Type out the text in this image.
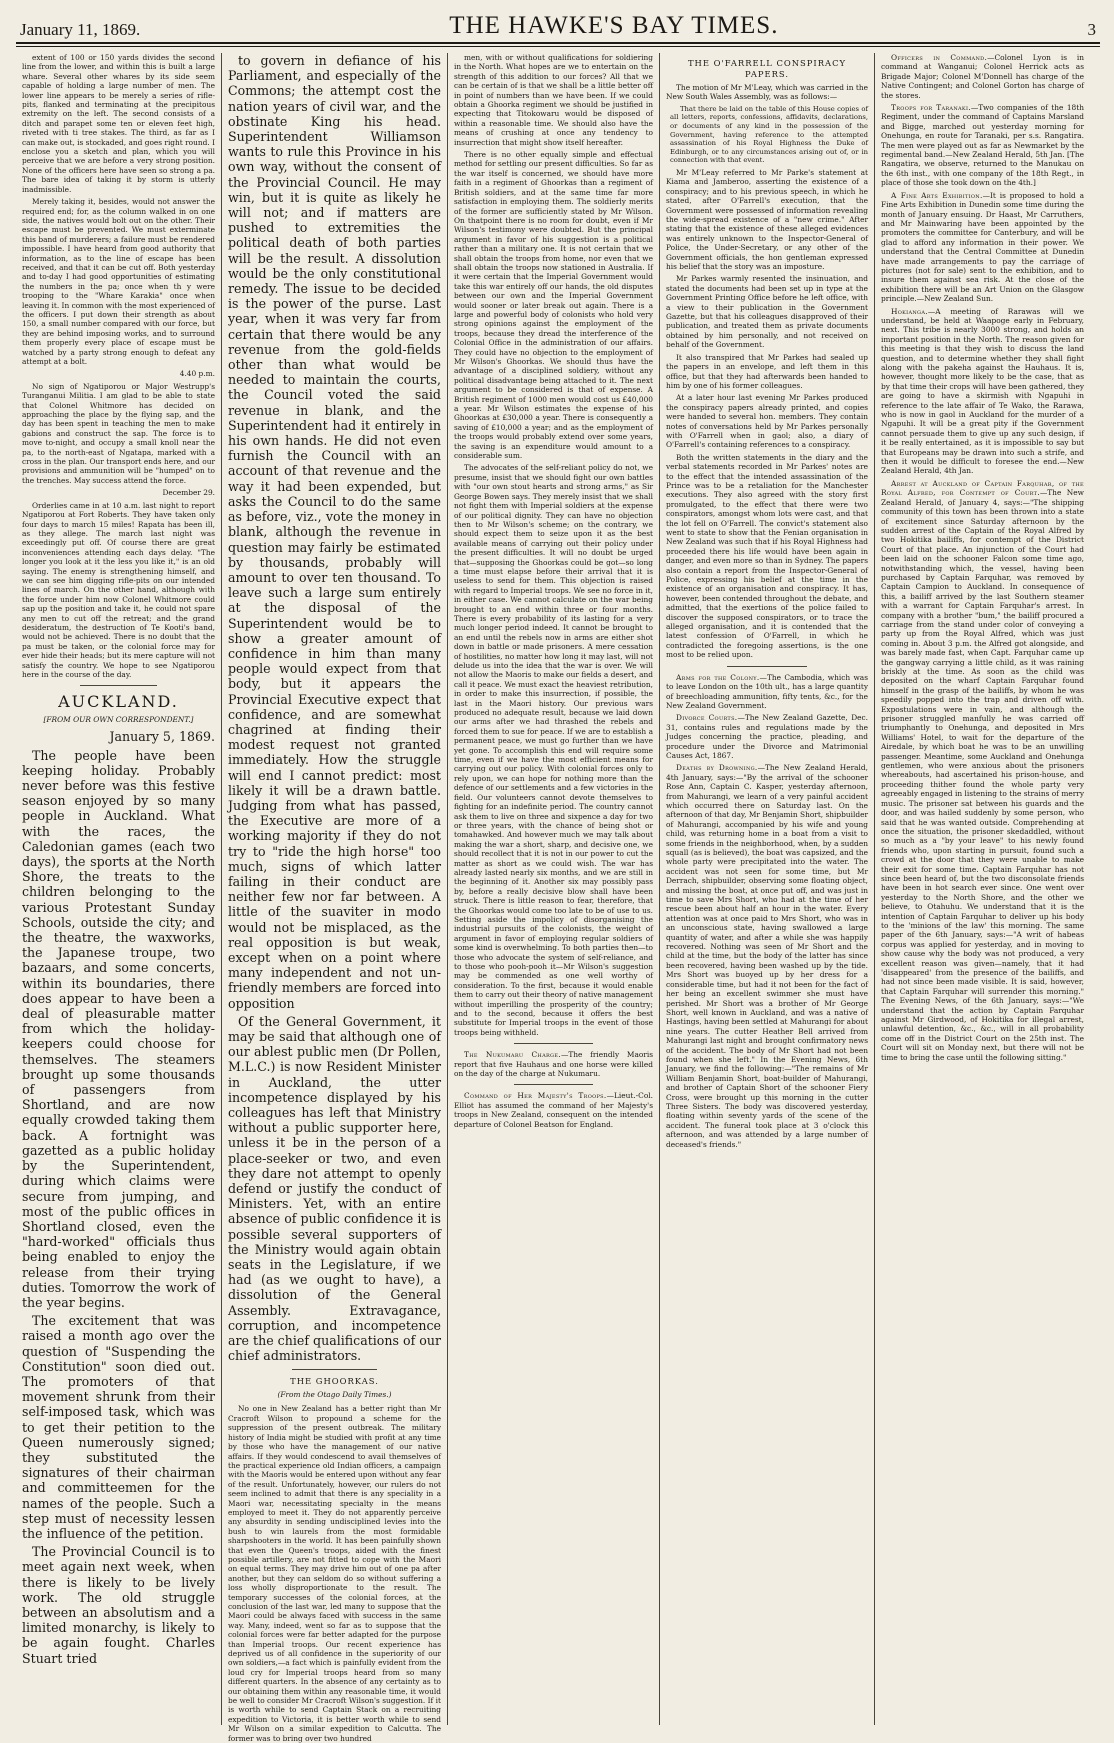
January 11, 1869.	THE HAWKE'S BAY TIMES.	3

extent of 100 or 150 yards divides the second line from the lower, and within this is built a large whare. Several other whares by its side seem capable of holding a large number of men. The lower line appears to be merely a series of rifle-pits, flanked and terminating at the precipitous extremity on the left. The second consists of a ditch and parapet some ten or eleven feet high, riveted with ti tree stakes. The third, as far as I can make out, is stockaded, and goes right round. I enclose you a sketch and plan, which you will perceive that we are before a very strong position. None of the officers here have seen so strong a pa. The bare idea of taking it by storm is utterly inadmissible.

Merely taking it, besides, would not answer the required end; for, as the column walked in on one side, the natives would bolt out on the other. Their escape must be prevented. We must exterminate this band of murderers; a failure must be rendered impossible. I have heard from good authority that information, as to the line of escape has been received, and that it can be cut off. Both yesterday and to-day I had good opportunities of estimating the numbers in the pa; once when th y were trooping to the "Whare Karakia" once when leaving it. In common with the most experienced of the officers. I put down their strength as about 150, a small number compared with our force, but they are behind imposing works, and to surround them properly every place of escape must be watched by a party strong enough to defeat any attempt at a bolt.

4.40 p.m.

No sign of Ngatiporou or Major Westrupp's Turanganui Militia. I am glad to be able to state that Colonel Whitmore has decided on approaching the place by the flying sap, and the day has been spent in teaching the men to make gabions and construct the sap. The force is to move to-night, and occupy a small knoll near the pa, to the north-east of Ngatapa, marked with a cross in the plan. Our transport ends here, and our provisions and ammunition will be "humped" on to the trenches. May success attend the force.

December 29.

Orderlies came in at 10 a.m. last night to report Ngatiporou at Fort Roberts. They have taken only four days to march 15 miles! Rapata has been ill, as they allege. The march last night was exceedingly put off. Of course there are great inconveniences attending each days delay. "The longer you look at it the less you like it," is an old saying. The enemy is strengthening himself, and we can see him digging rifle-pits on our intended lines of march. On the other hand, although with the force under him now Colonel Whitmore could sap up the position and take it, he could not spare any men to cut off the retreat; and the grand desideratum, the destruction of Te Kooti's band, would not be achieved. There is no doubt that the pa must be taken, or the colonial force may for ever hide their heads; but its mere capture will not satisfy the country. We hope to see Ngatiporou here in the course of the day.

AUCKLAND.

[FROM OUR OWN CORRESPONDENT.]

January 5, 1869.

The people have been keeping holiday. Probably never before was this festive season enjoyed by so many people in Auckland. What with the races, the Caledonian games (each two days), the sports at the North Shore, the treats to the children belonging to the various Protestant Sunday Schools, outside the city; and the theatre, the waxworks, the Japanese troupe, two bazaars, and some concerts, within its boundaries, there does appear to have been a deal of pleasurable matter from which the holiday-keepers could choose for themselves. The steamers brought up some thousands of passengers from Shortland, and are now equally crowded taking them back. A fortnight was gazetted as a public holiday by the Superintendent, during which claims were secure from jumping, and most of the public offices in Shortland closed, even the "hard-worked" officials thus being enabled to enjoy the release from their trying duties. Tomorrow the work of the year begins.

The excitement that was raised a month ago over the question of "Suspending the Constitution" soon died out. The promoters of that movement shrunk from their self-imposed task, which was to get their petition to the Queen numerously signed; they substituted the signatures of their chairman and committeemen for the names of the people. Such a step must of necessity lessen the influence of the petition.

The Provincial Council is to meet again next week, when there is likely to be lively work. The old struggle between an absolutism and a limited monarchy, is likely to be again fought. Charles Stuart tried

to govern in defiance of his Parliament, and especially of the Commons; the attempt cost the nation years of civil war, and the obstinate King his head. Superintendent Williamson wants to rule this Province in his own way, without the consent of the Provincial Council. He may win, but it is quite as likely he will not; and if matters are pushed to extremities the political death of both parties will be the result. A dissolution would be the only constitutional remedy. The issue to be decided is the power of the purse. Last year, when it was very far from certain that there would be any revenue from the gold-fields other than what would be needed to maintain the courts, the Council voted the said revenue in blank, and the Superintendent had it entirely in his own hands. He did not even furnish the Council with an account of that revenue and the way it had been expended, but asks the Council to do the same as before, viz., vote the money in blank, although the revenue in question may fairly be estimated by thousands, probably will amount to over ten thousand. To leave such a large sum entirely at the disposal of the Superintendent would be to show a greater amount of confidence in him than many people would expect from that body, but it appears the Provincial Executive expect that confidence, and are somewhat chagrined at finding their modest request not granted immediately. How the struggle will end I cannot predict: most likely it will be a drawn battle. Judging from what has passed, the Executive are more of a working majority if they do not try to "ride the high horse" too much, signs of which latter failing in their conduct are neither few nor far between. A little of the suaviter in modo would not be misplaced, as the real opposition is but weak, except when on a point where many independent and not un-friendly members are forced into opposition

Of the General Government, it may be said that although one of our ablest public men (Dr Pollen, M.L.C.) is now Resident Minister in Auckland, the utter incompetence displayed by his colleagues has left that Ministry without a public supporter here, unless it be in the person of a place-seeker or two, and even they dare not attempt to openly defend or justify the conduct of Ministers. Yet, with an entire absence of public confidence it is possible several supporters of the Ministry would again obtain seats in the Legislature, if we had (as we ought to have), a dissolution of the General Assembly. Extravagance, corruption, and incompetence are the chief qualifications of our chief administrators.

THE GHOORKAS.

(From the Otago Daily Times.)

No one in New Zealand has a better right than Mr Cracroft Wilson to propound a scheme for the suppression of the present outbreak. The military history of India might be studied with profit at any time by those who have the management of our native affairs. If they would condescend to avail themselves of the practical experience old Indian officers, a campaign with the Maoris would be entered upon without any fear of the result. Unfortunately, however, our rulers do not seem inclined to admit that there is any speciality in a Maori war, necessitating specialty in the means employed to meet it. They do not apparently perceive any absurdity in sending undisciplined levies into the bush to win laurels from the most formidable sharpshooters in the world. It has been painfully shown that even the Queen's troops, aided with the finest possible artillery, are not fitted to cope with the Maori on equal terms. They may drive him out of one pa after another, but they can seldom do so without suffering a loss wholly disproportionate to the result. The temporary successes of the colonial forces, at the conclusion of the last war, led many to suppose that the Maori could be always faced with success in the same way. Many, indeed, went so far as to suppose that the colonial forces were far better adapted for the purpose than Imperial troops. Our recent experience has deprived us of all confidence in the superiority of our own soldiers,—a fact which is painfully evident from the loud cry for Imperial troops heard from so many different quarters. In the absence of any certainty as to our obtaining them within any reasonable time, it would be well to consider Mr Cracroft Wilson's suggestion. If it is worth while to send Captain Stack on a recruiting expedition to Victoria, it is better worth while to send Mr Wilson on a similar expedition to Calcutta. The former was to bring over two hundred

men, with or without qualifications for soldiering in the North. What hopes are we to entertain on the strength of this addition to our forces? All that we can be certain of is that we shall be a little better off in point of numbers than we have been. If we could obtain a Ghoorka regiment we should be justified in expecting that Titokowaru would be disposed of within a reasonable time. We should also have the means of crushing at once any tendency to insurrection that might show itself hereafter.

There is no other equally simple and effectual method for settling our present difficulties. So far as the war itself is concerned, we should have more faith in a regiment of Ghoorkas than a regiment of British soldiers, and at the same time far more satisfaction in employing them. The soldierly merits of the former are sufficiently stated by Mr Wilson. On thatpoint there is no room for doubt, even if Mr Wilson's testimony were doubted. But the principal argument in favor of his suggestion is a political rather than a military one. It is not certain that we shall obtain the troops from home, nor even that we shall obtain the troops now stationed in Australia. If it were certain that the Imperial Government would take this war entirely off our hands, the old disputes between our own and the Imperial Government would sooner or later break out again. There is a large and powerful body of colonists who hold very strong opinions against the employment of the troops, because they dread the interference of the Colonial Office in the administration of our affairs. They could have no objection to the employment of Mr Wilson's Ghoorkas. We should thus have the advantage of a disciplined soldiery, without any political disadvantage being attached to it. The next argument to be considered is that of expense. A British regiment of 1000 men would cost us £40,000 a year. Mr Wilson estimates the expense of his Ghoorkas at £30,000 a year. There is consequently a saving of £10,000 a year; and as the employment of the troops would probably extend over some years, the saving is an expenditure would amount to a considerable sum.

The advocates of the self-reliant policy do not, we presume, insist that we should fight our own battles with "our own stout hearts and strong arms," as Sir George Bowen says. They merely insist that we shall not fight them with Imperial soldiers at the expense of our political dignity. They can have no objection then to Mr Wilson's scheme; on the contrary, we should expect them to seize upon it as the best available means of carrying out their policy under the present difficulties. It will no doubt be urged that—supposing the Ghoorkas could be got—so long a time must elapse before their arrival that it is useless to send for them. This objection is raised with regard to Imperial troops. We see no force in it, in either case. We cannot calculate on the war being brought to an end within three or four months. There is every probability of its lasting for a very much longer period indeed. It cannot be brought to an end until the rebels now in arms are either shot down in battle or made prisoners. A mere cessation of hostilities, no matter how long it may last, will not delude us into the idea that the war is over. We will not allow the Maoris to make our fields a desert, and call it peace. We must exact the heaviest retribution, in order to make this insurrection, if possible, the last in the Maori history. Our previous wars produced no adequate result, because we laid down our arms after we had thrashed the rebels and forced them to sue for peace. If we are to establish a permanent peace, we must go further than we have yet gone. To accomplish this end will require some time, even if we have the most efficient means for carrying out our policy. With colonial forces only to rely upon, we can hope for nothing more than the defence of our settlements and a few victories in the field. Our volunteers cannot devote themselves to fighting for an indefinite period. The country cannot ask them to live on three and sixpence a day for two or three years, with the chance of being shot or tomahawked. And however much we may talk about making the war a short, sharp, and decisive one, we should recollect that it is not in our power to cut the matter as short as we could wish. The war has already lasted nearly six months, and we are still in the beginning of it. Another six may possibly pass by, before a really decisive blow shall have been struck. There is little reason to fear, therefore, that the Ghoorkas would come too late to be of use to us. Setting aside the impolicy of disorganising the industrial pursuits of the colonists, the weight of argument in favor of employing regular soldiers of some kind is overwhelming. To both parties then—to those who advocate the system of self-reliance, and to those who pooh-pooh it—Mr Wilson's suggestion may be commended as one well worthy of consideration. To the first, because it would enable them to carry out their theory of native management without imperilling the prosperity of the country; and to the second, because it offers the best substitute for Imperial troops in the event of those troops being withheld.

The Nukumaru Charge.—The friendly Maoris report that five Hauhaus and one horse were killed on the day of the charge at Nukumaru.

Command of Her Majesty's Troops.—Lieut.-Col. Elliot has assumed the command of her Majesty's troops in New Zealand, consequent on the intended departure of Colonel Beatson for England.

THE O'FARRELL CONSPIRACY PAPERS.

The motion of Mr M'Leay, which was carried in the New South Wales Assembly, was as follows:—

That there be laid on the table of this House copies of all letters, reports, confessions, affidavits, declarations, or documents of any kind in the possession of the Government, having reference to the attempted assassination of his Royal Highness the Duke of Edinburgh, or to any circumstances arising out of, or in connection with that event.

Mr M'Leay referred to Mr Parke's statement at Kiama and Jamberoo, asserting the existence of a conspiracy; and to his previous speech, in which he stated, after O'Farrell's execution, that the Government were possessed of information revealing the wide-spread existence of a "new crime." After stating that the existence of these alleged evidences was entirely unknown to the Inspector-General of Police, the Under-Secretary, or any other of the Government officials, the hon gentleman expressed his belief that the story was an imposture.

Mr Parkes warmly resented the insinuation, and stated the documents had been set up in type at the Government Printing Office before he left office, with a view to their publication in the Government Gazette, but that his colleagues disapproved of their publication, and treated them as private documents obtained by him personally, and not received on behalf of the Government.

It also transpired that Mr Parkes had sealed up the papers in an envelope, and left them in this office, but that they had afterwards been handed to him by one of his former colleagues.

At a later hour last evening Mr Parkes produced the conspiracy papers already printed, and copies were handed to several hon. members. They contain notes of conversations held by Mr Parkes personally with O'Farrell when in gaol; also, a diary of O'Farrell's containing references to a conspiracy.

Both the written statements in the diary and the verbal statements recorded in Mr Parkes' notes are to the effect that the intended assassination of the Prince was to be a retaliation for the Manchester executions. They also agreed with the story first promulgated, to the effect that there were two conspirators, amongst whom lots were cast, and that the lot fell on O'Farrell. The convict's statement also went to state to show that the Fenian organisation in New Zealand was such that if his Royal Highness had proceeded there his life would have been again in danger, and even more so than in Sydney. The papers also contain a report from the Inspector-General of Police, expressing his belief at the time in the existence of an organisation and conspiracy. It has, however, been contended throughout the debate, and admitted, that the exertions of the police failed to discover the supposed conspirators, or to trace the alleged organisation, and it is contended that the latest confession of O'Farrell, in which he contradicted the foregoing assertions, is the one most to be relied upon.

Arms for the Colony.—The Cambodia, which was to leave London on the 10th ult., has a large quantity of breechloading ammunition, fifty tents, &c., for the New Zealand Government.

Divorce Courts.—The New Zealand Gazette, Dec. 31, contains rules and regulations made by the Judges concerning the practice, pleading, and procedure under the Divorce and Matrimonial Causes Act, 1867.

Deaths by Drowning.—The New Zealand Herald, 4th January, says:—"By the arrival of the schooner Rose Ann, Captain C. Kasper, yesterday afternoon, from Mahurangi, we learn of a very painful accident which occurred there on Saturday last. On the afternoon of that day, Mr Benjamin Short, shipbuilder of Mahurangi, accompanied by his wife and young child, was returning home in a boat from a visit to some friends in the neighborhood, when, by a sudden squall (as is believed), the boat was capsized, and the whole party were precipitated into the water. The accident was not seen for some time, but Mr Derrach, shipbuilder, observing some floating object, and missing the boat, at once put off, and was just in time to save Mrs Short, who had at the time of her rescue been about half an hour in the water. Every attention was at once paid to Mrs Short, who was in an unconscious state, having swallowed a large quantity of water, and after a while she was happily recovered. Nothing was seen of Mr Short and the child at the time, but the body of the latter has since been recovered, having been washed up by the tide. Mrs Short was buoyed up by her dress for a considerable time, but had it not been for the fact of her being an excellent swimmer she must have perished. Mr Short was a brother of Mr George Short, well known in Auckland, and was a native of Hastings, having been settled at Mahurangi for about nine years. The cutter Heather Bell arrived from Mahurangi last night and brought confirmatory news of the accident. The body of Mr Short had not been found when she left." In the Evening News, 6th January, we find the following:—"The remains of Mr William Benjamin Short, boat-builder of Mahurangi, and brother of Captain Short of the schooner Fiery Cross, were brought up this morning in the cutter Three Sisters. The body was discovered yesterday, floating within seventy yards of the scene of the accident. The funeral took place at 3 o'clock this afternoon, and was attended by a large number of deceased's friends."

Officers in Command.—Colonel Lyon is in command at Wanganui; Colonel Herrick acts as Brigade Major; Colonel M'Donnell has charge of the Native Contingent; and Colonel Gorton has charge of the stores.

Troops for Taranaki.—Two companies of the 18th Regiment, under the command of Captains Marsland and Bigge, marched out yesterday morning for Onehunga, en route for Taranaki, per s.s. Rangatira. The men were played out as far as Newmarket by the regimental band.—New Zealand Herald, 5th Jan. [The Rangatira, we observe, returned to the Manukau on the 6th inst., with one company of the 18th Regt., in place of those she took down on the 4th.]

A Fine Arts Exhibition.—It is proposed to hold a Fine Arts Exhibition in Dunedin some time during the month of January ensuing. Dr Haast, Mr Carruthers, and Mr Mainwaring have been appointed by the promoters the committee for Canterbury, and will be glad to afford any information in their power. We understand that the Central Committee at Dunedin have made arrangements to pay the carriage of pictures (not for sale) sent to the exhibition, and to insure them against sea risk. At the close of the exhibition there will be an Art Union on the Glasgow principle.—New Zealand Sun.

Hokianga.—A meeting of Rarawas will we understand, be held at Waapoge early in February, next. This tribe is nearly 3000 strong, and holds an important position in the North. The reason given for this meeting is that they wish to discuss the land question, and to determine whether they shall fight along with the pakeha against the Hauhaus. It is, however, thought more likely to be the case, that as by that time their crops will have been gathered, they are going to have a skirmish with Ngapuhi in reference to the late affair of Te Wako, the Rarawa, who is now in gaol in Auckland for the murder of a Ngapuhi. It will be a great pity if the Government cannot persuade them to give up any such design, if it be really entertained, as it is impossible to say but that Europeans may be drawn into such a strife, and then it would be difficult to foresee the end.—New Zealand Herald, 4th Jan.

Arrest at Auckland of Captain Farquhar, of the Royal Alfred, for Contempt of Court.—The New Zealand Herald, of January 4, says:—"The shipping community of this town has been thrown into a state of excitement since Saturday afternoon by the sudden arrest of the Captain of the Royal Alfred by two Hokitika bailiffs, for contempt of the District Court of that place. An injunction of the Court had been laid on the schooner Falcon some time ago, notwithstanding which, the vessel, having been purchased by Captain Farquhar, was removed by Captain Campion to Auckland. In consequence of this, a bailiff arrived by the last Southern steamer with a warrant for Captain Farquhar's arrest. In company with a brother "bum," the bailiff procured a carriage from the stand under color of conveying a party up from the Royal Alfred, which was just coming in. About 3 p.m. the Alfred got alongside, and was barely made fast, when Capt. Farquhar came up the gangway carrying a little child, as it was raining briskly at the time. As soon as the child was deposited on the wharf Captain Farquhar found himself in the grasp of the bailiffs, by whom he was speedily popped into the trap and driven off with. Expostulations were in vain, and although the prisoner struggled manfully he was carried off triumphantly to Onehunga, and deposited in Mrs Williams' Hotel, to wait for the departure of the Airedale, by which boat he was to be an unwilling passenger. Meantime, some Auckland and Onehunga gentlemen, who were anxious about the prisoners whereabouts, had ascertained his prison-house, and proceeding thither found the whole party very agreeably engaged in listening to the strains of merry music. The prisoner sat between his guards and the door, and was hailed suddenly by some person, who said that he was wanted outside. Comprehending at once the situation, the prisoner skedaddled, without so much as a "by your leave" to his newly found friends who, upon starting in pursuit, found such a crowd at the door that they were unable to make their exit for some time. Captain Farquhar has not since been heard of, but the two disconsolate friends have been in hot search ever since. One went over yesterday to the North Shore, and the other we believe, to Otahuhu. We understand that it is the intention of Captain Farquhar to deliver up his body to the 'minions of the law' this morning. The same paper of the 6th January, says:—"A writ of habeas corpus was applied for yesterday, and in moving to show cause why the body was not produced, a very excellent reason was given—namely, that it had 'disappeared' from the presence of the bailiffs, and had not since been made visible. It is said, however, that Captain Farquhar will surrender this morning." The Evening News, of the 6th January, says:—"We understand that the action by Captain Farquhar against Mr Girdwood, of Hokitika for illegal arrest, unlawful detention, &c., &c., will in all probability come off in the District Court on the 25th inst. The Court will sit on Monday next, but there will not be time to bring the case until the following sitting."
